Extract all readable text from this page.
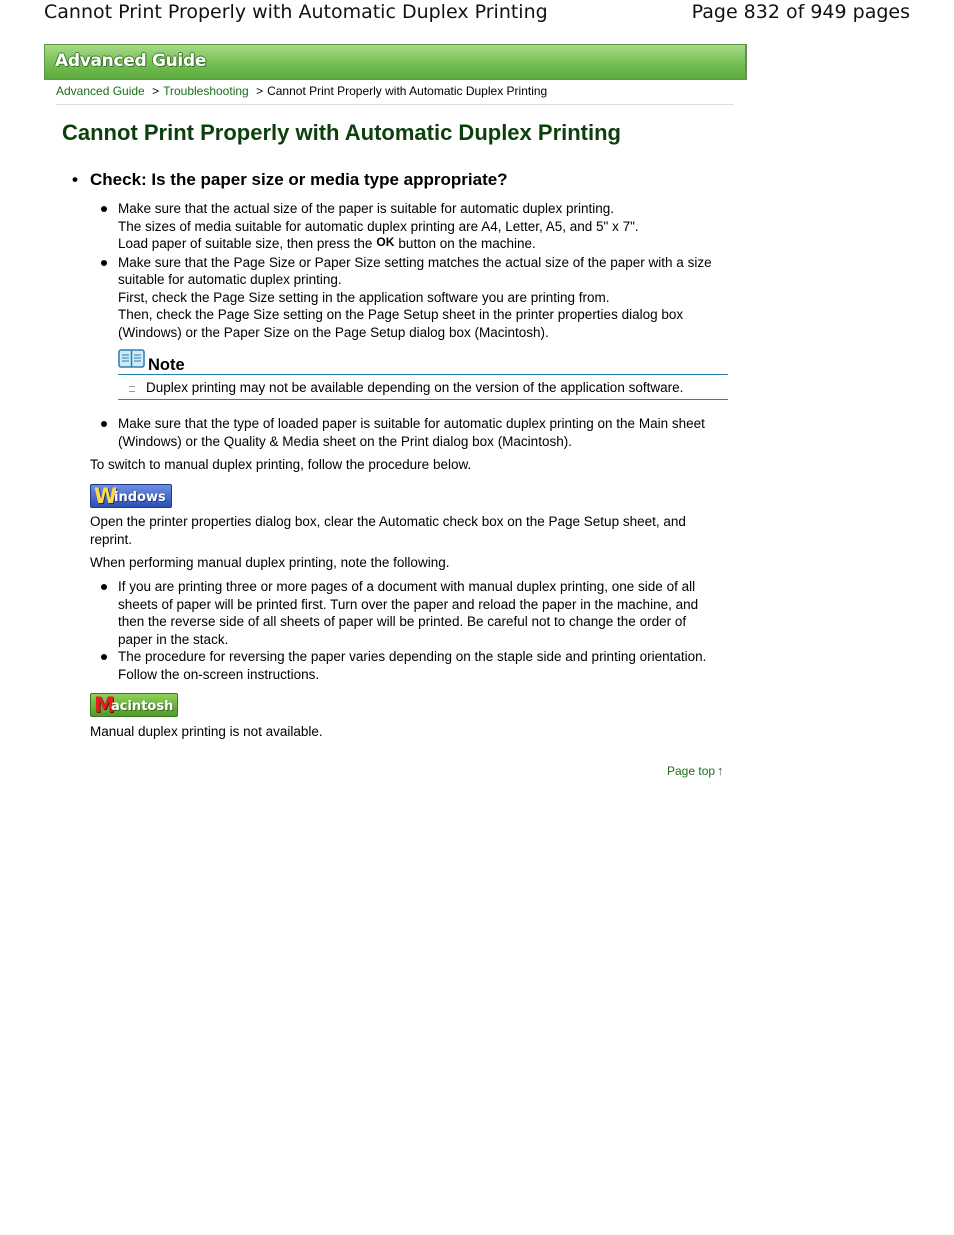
Cannot Print Properly with Automatic Duplex Printing	Page 832 of 949 pages
Advanced Guide
Advanced Guide > Troubleshooting > Cannot Print Properly with Automatic Duplex Printing
Cannot Print Properly with Automatic Duplex Printing
• Check: Is the paper size or media type appropriate?
Make sure that the actual size of the paper is suitable for automatic duplex printing.
The sizes of media suitable for automatic duplex printing are A4, Letter, A5, and 5" x 7".
Load paper of suitable size, then press the OK button on the machine.
Make sure that the Page Size or Paper Size setting matches the actual size of the paper with a size suitable for automatic duplex printing.
First, check the Page Size setting in the application software you are printing from.
Then, check the Page Size setting on the Page Setup sheet in the printer properties dialog box (Windows) or the Paper Size on the Page Setup dialog box (Macintosh).
Note
Duplex printing may not be available depending on the version of the application software.
Make sure that the type of loaded paper is suitable for automatic duplex printing on the Main sheet (Windows) or the Quality & Media sheet on the Print dialog box (Macintosh).
To switch to manual duplex printing, follow the procedure below.
W
indows
Open the printer properties dialog box, clear the Automatic check box on the Page Setup sheet, and reprint.
When performing manual duplex printing, note the following.
If you are printing three or more pages of a document with manual duplex printing, one side of all sheets of paper will be printed first. Turn over the paper and reload the paper in the machine, and then the reverse side of all sheets of paper will be printed. Be careful not to change the order of paper in the stack.
The procedure for reversing the paper varies depending on the staple side and printing orientation. Follow the on-screen instructions.
M
acintosh
Manual duplex printing is not available.
Page top ↑
